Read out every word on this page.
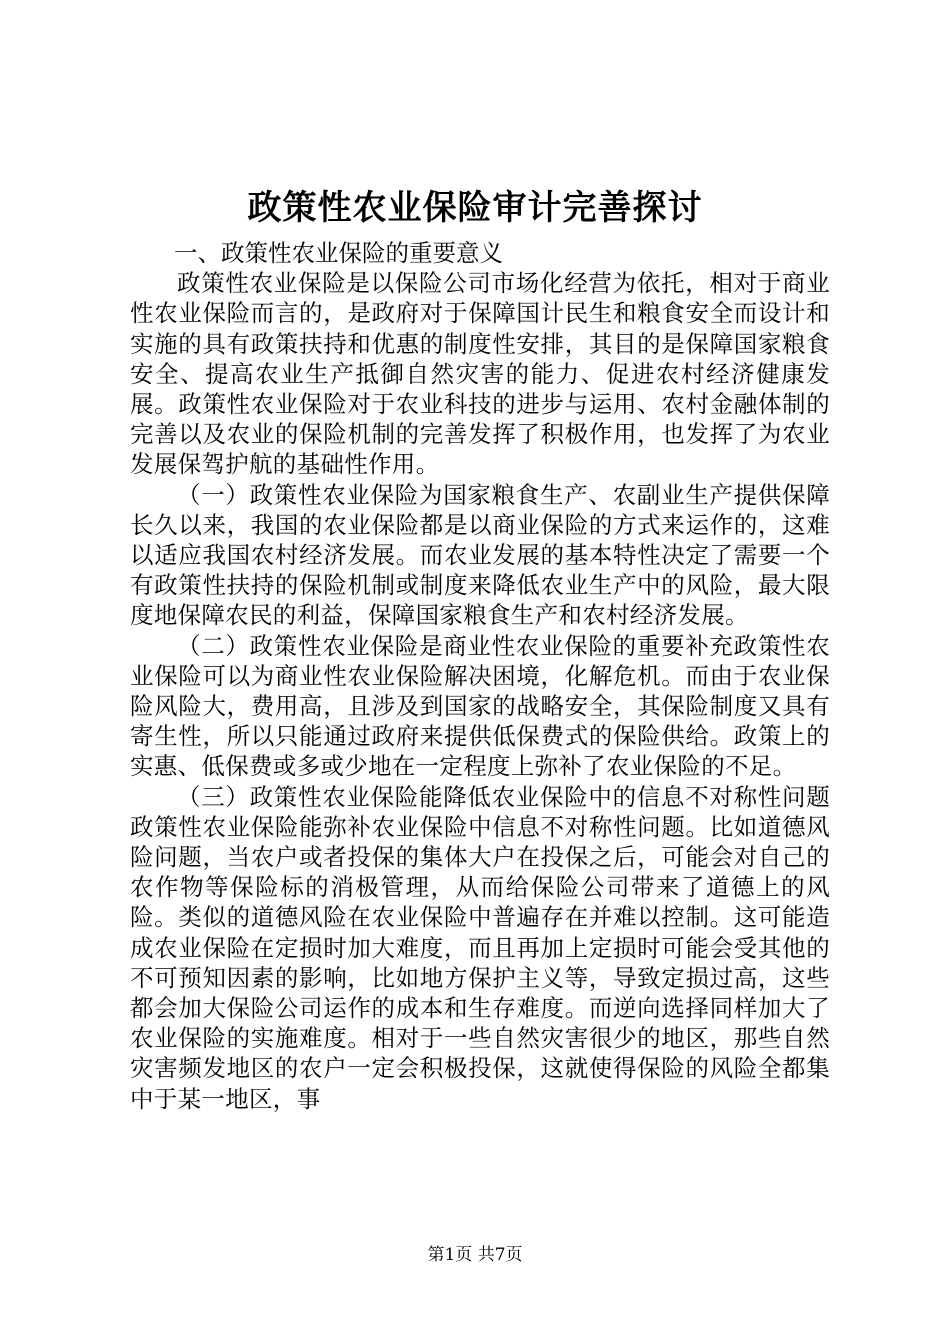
政策性农业保险审计完善探讨
一、政策性农业保险的重要意义

政策性农业保险是以保险公司市场化经营为依托，相对于商业性农业保险而言的，是政府对于保障国计民生和粮食安全而设计和实施的具有政策扶持和优惠的制度性安排，其目的是保障国家粮食安全、提高农业生产抵御自然灾害的能力、促进农村经济健康发展。政策性农业保险对于农业科技的进步与运用、农村金融体制的完善以及农业的保险机制的完善发挥了积极作用，也发挥了为农业发展保驾护航的基础性作用。

（一）政策性农业保险为国家粮食生产、农副业生产提供保障长久以来，我国的农业保险都是以商业保险的方式来运作的，这难以适应我国农村经济发展。而农业发展的基本特性决定了需要一个有政策性扶持的保险机制或制度来降低农业生产中的风险，最大限度地保障农民的利益，保障国家粮食生产和农村经济发展。

（二）政策性农业保险是商业性农业保险的重要补充政策性农业保险可以为商业性农业保险解决困境，化解危机。而由于农业保险风险大，费用高，且涉及到国家的战略安全，其保险制度又具有寄生性，所以只能通过政府来提供低保费式的保险供给。政策上的实惠、低保费或多或少地在一定程度上弥补了农业保险的不足。

（三）政策性农业保险能降低农业保险中的信息不对称性问题政策性农业保险能弥补农业保险中信息不对称性问题。比如道德风险问题，当农户或者投保的集体大户在投保之后，可能会对自己的农作物等保险标的消极管理，从而给保险公司带来了道德上的风险。类似的道德风险在农业保险中普遍存在并难以控制。这可能造成农业保险在定损时加大难度，而且再加上定损时可能会受其他的不可预知因素的影响，比如地方保护主义等，导致定损过高，这些都会加大保险公司运作的成本和生存难度。而逆向选择同样加大了农业保险的实施难度。相对于一些自然灾害很少的地区，那些自然灾害频发地区的农户一定会积极投保，这就使得保险的风险全都集中于某一地区，事

第1页 共7页
